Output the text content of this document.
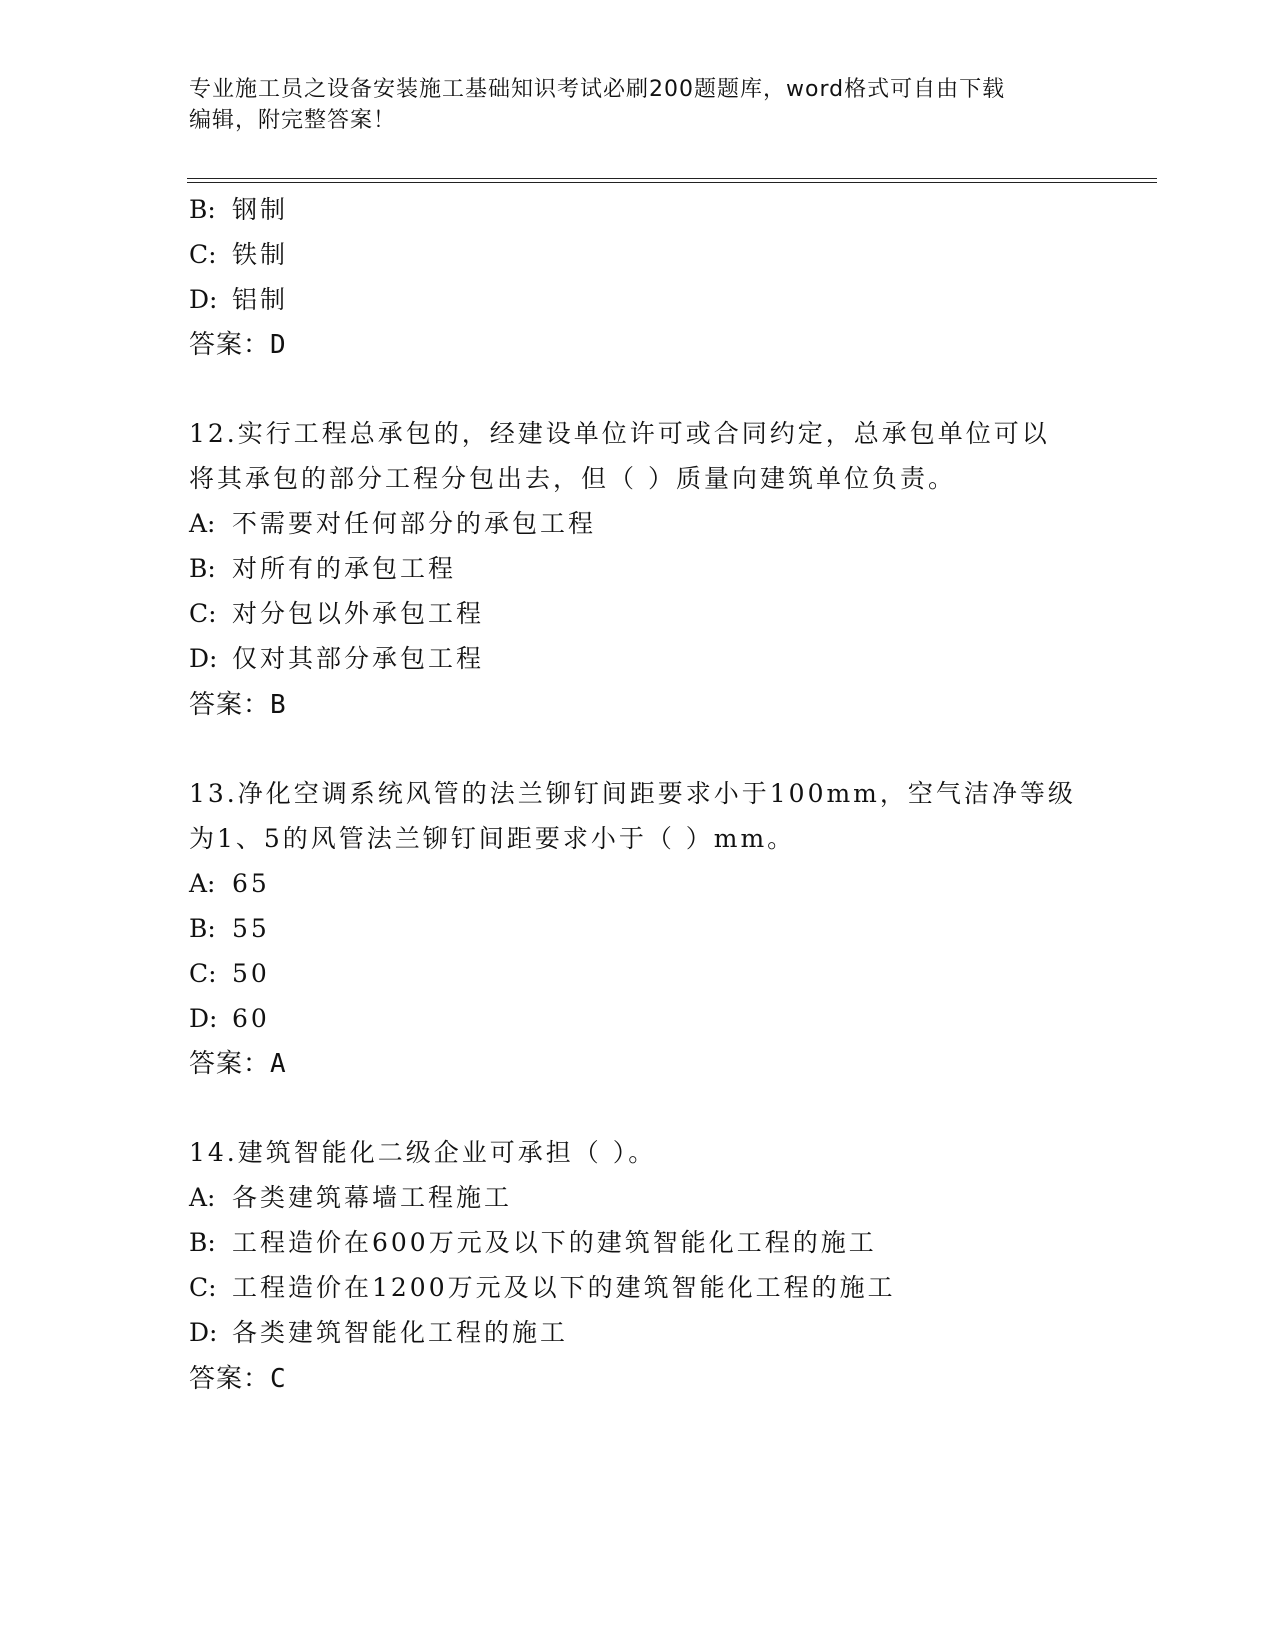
专业施工员之设备安装施工基础知识考试必刷200题题库，word格式可自由下载
编辑，附完整答案！
B: 钢制
C: 铁制
D: 铝制
答案：D
12.实行工程总承包的，经建设单位许可或合同约定，总承包单位可以
将其承包的部分工程分包出去，但（ ）质量向建筑单位负责。
A: 不需要对任何部分的承包工程
B: 对所有的承包工程
C: 对分包以外承包工程
D: 仅对其部分承包工程
答案：B
13.净化空调系统风管的法兰铆钉间距要求小于100mm，空气洁净等级
为1、5的风管法兰铆钉间距要求小于（ ）mm。
A: 65
B: 55
C: 50
D: 60
答案：A
14.建筑智能化二级企业可承担（ ）。
A: 各类建筑幕墙工程施工
B: 工程造价在600万元及以下的建筑智能化工程的施工
C: 工程造价在1200万元及以下的建筑智能化工程的施工
D: 各类建筑智能化工程的施工
答案：C
